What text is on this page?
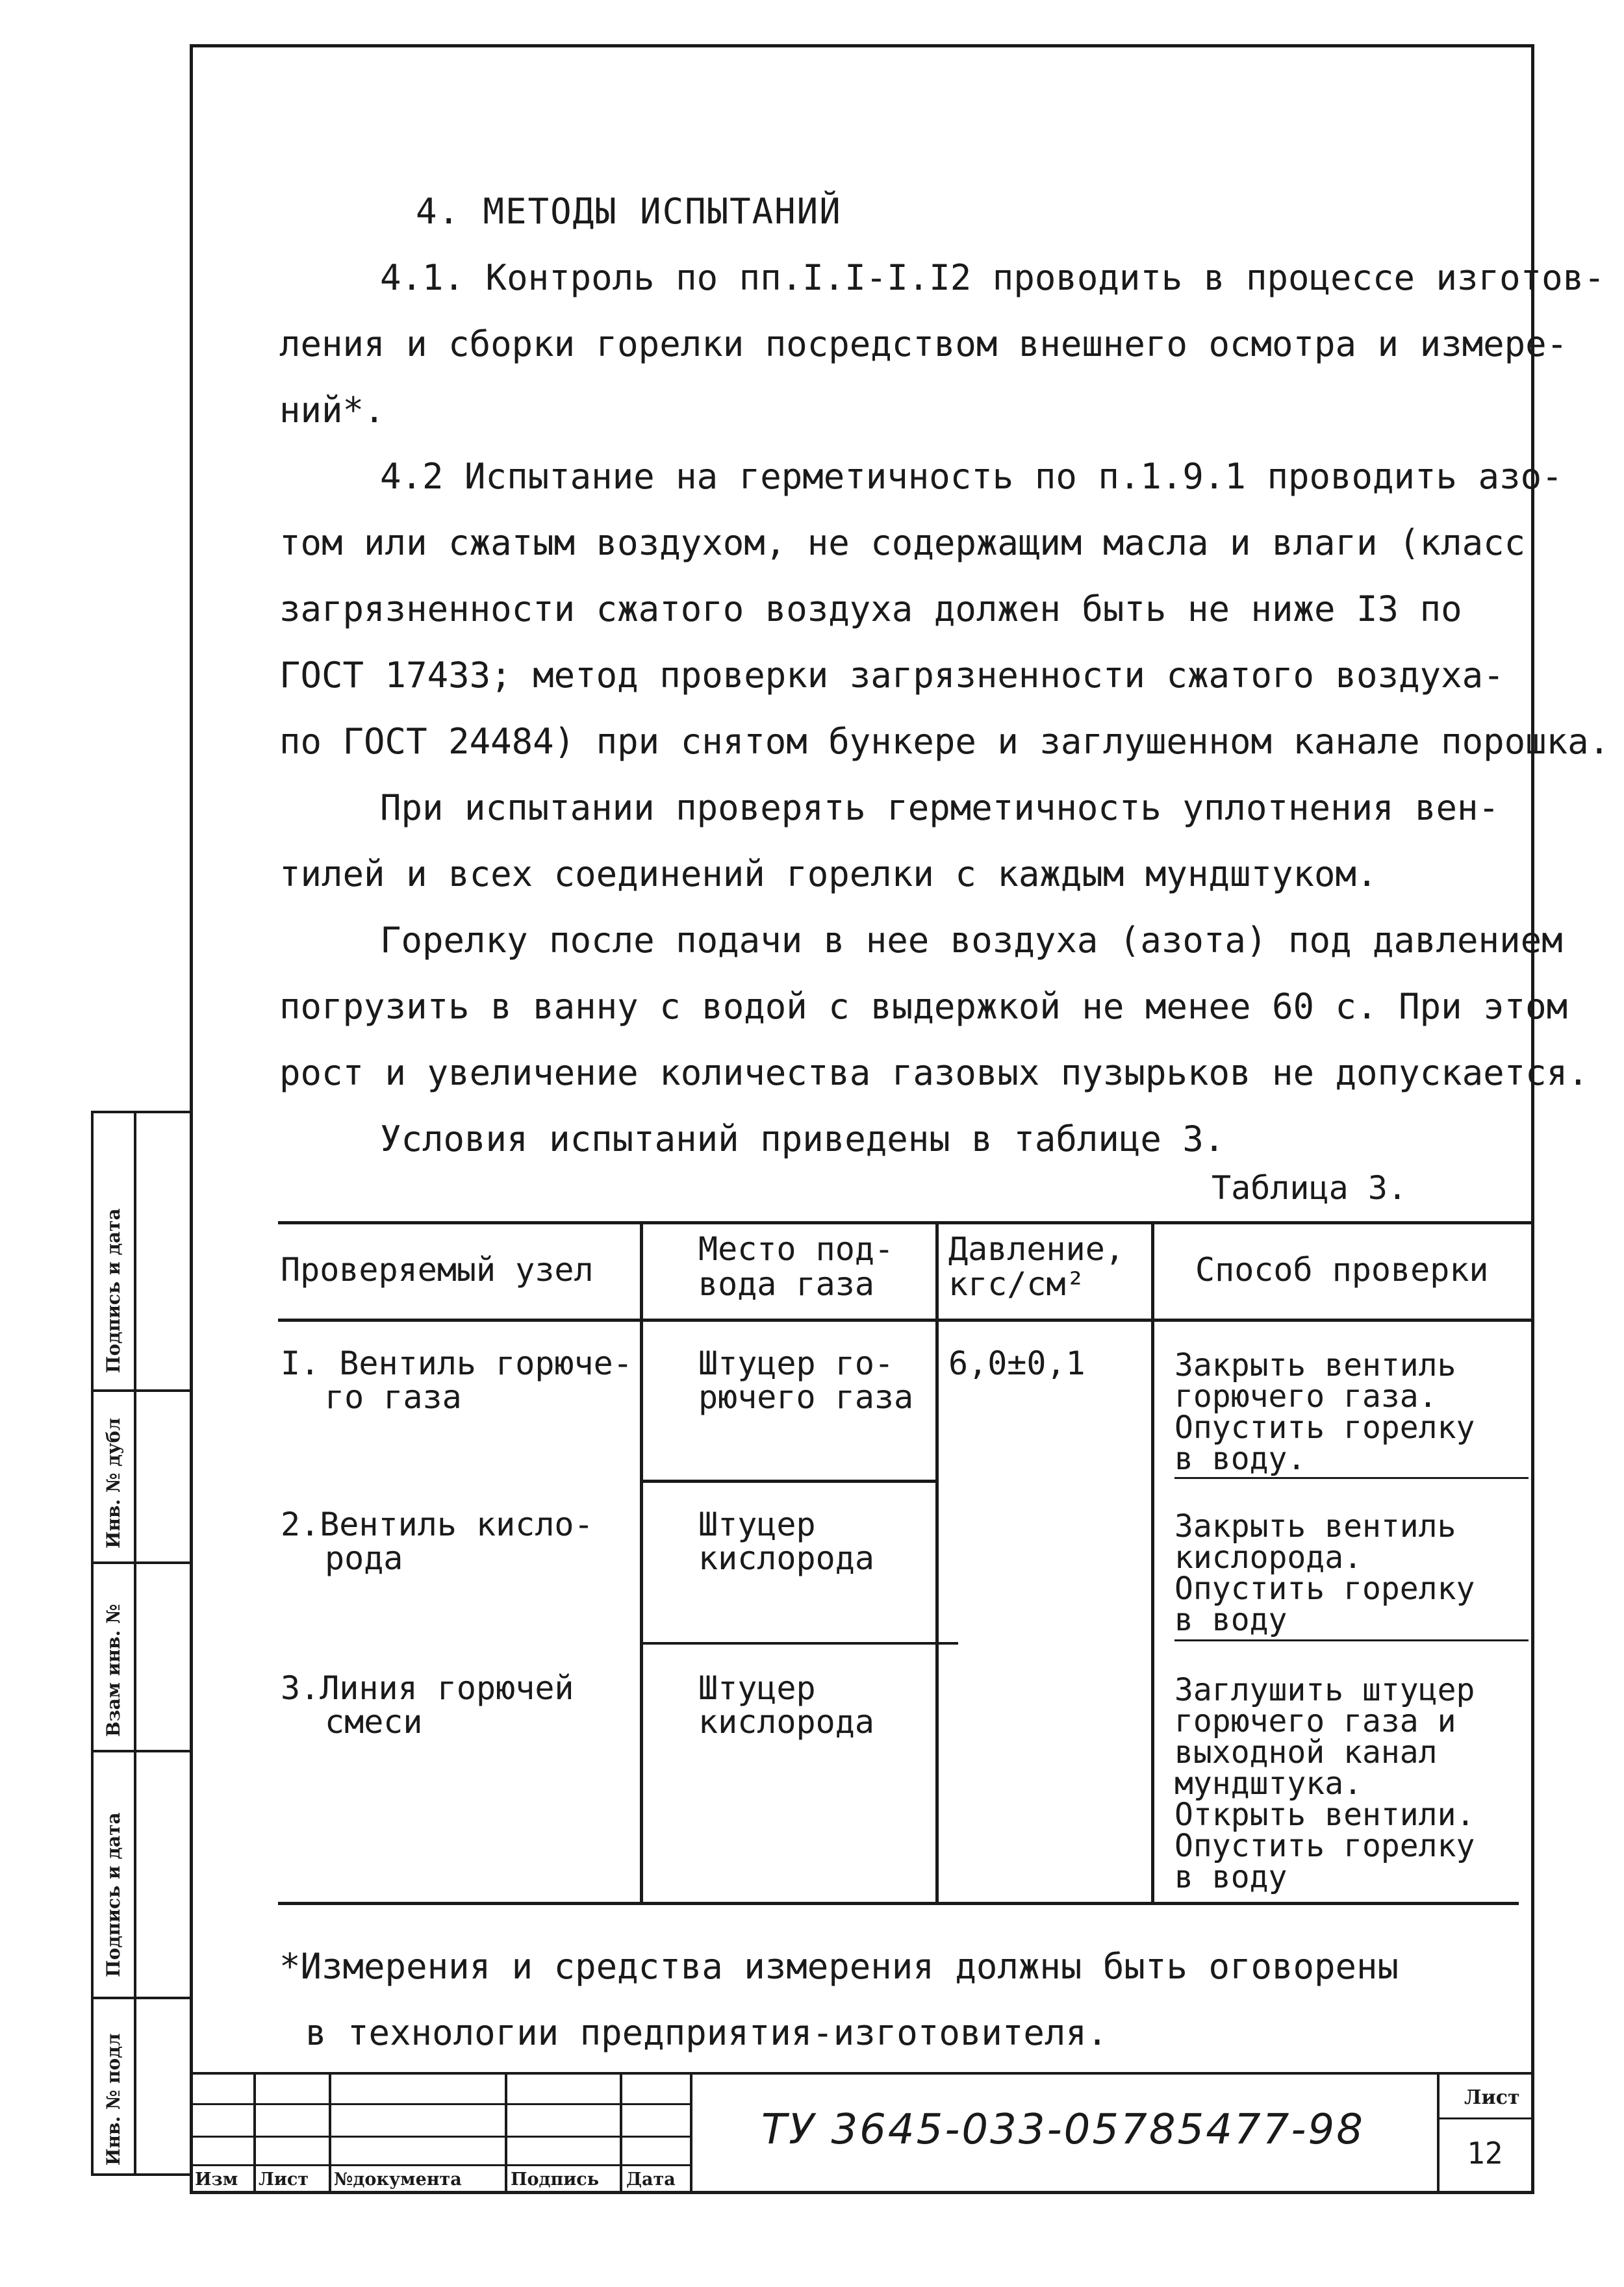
4. МЕТОДЫ ИСПЫТАНИЙ
4.1. Контроль по пп.I.I-I.I2 проводить в процессе изготов-
ления и сборки горелки посредством внешнего осмотра и измере-
ний*.
4.2 Испытание на герметичность по п.1.9.1 проводить азо-
том или сжатым воздухом, не содержащим масла и влаги (класс
загрязненности сжатого воздуха должен быть не ниже I3 по
ГОСТ 17433; метод проверки загрязненности сжатого воздуха-
по ГОСТ 24484) при снятом бункере и заглушенном канале порошка.
При испытании проверять герметичность уплотнения вен-
тилей и всех соединений горелки с каждым мундштуком.
Горелку после подачи в нее воздуха (азота) под давлением
погрузить в ванну с водой с выдержкой не менее 60 с. При этом
рост и увеличение количества газовых пузырьков не допускается.
Условия испытаний приведены в таблице 3.
Таблица 3.
Проверяемый узел
Место под-
вода газа
Давление,
кгс/см²	Способ проверки
6,0±0,1
I. Вентиль горюче-
го газа
Штуцер го-
рючего газа
Закрыть вентиль
горючего газа.
Опустить горелку
в воду.
2.Вентиль кисло-
рода
Штуцер
кислорода
Закрыть вентиль
кислорода.
Опустить горелку
в воду
3.Линия горючей
смеси
Штуцер
кислорода
Заглушить штуцер
горючего газа и
выходной канал
мундштука.
Открыть вентили.
Опустить горелку
в воду
*Измерения и средства измерения должны быть оговорены
в технологии предприятия-изготовителя.
Инв. № подл
Подпись и дата
Взам инв. №
Инв. № дубл
Подпись и дата
Изм Лист №документа	Подпись Дата
ТУ 3645-033-05785477-98
Лист
12
